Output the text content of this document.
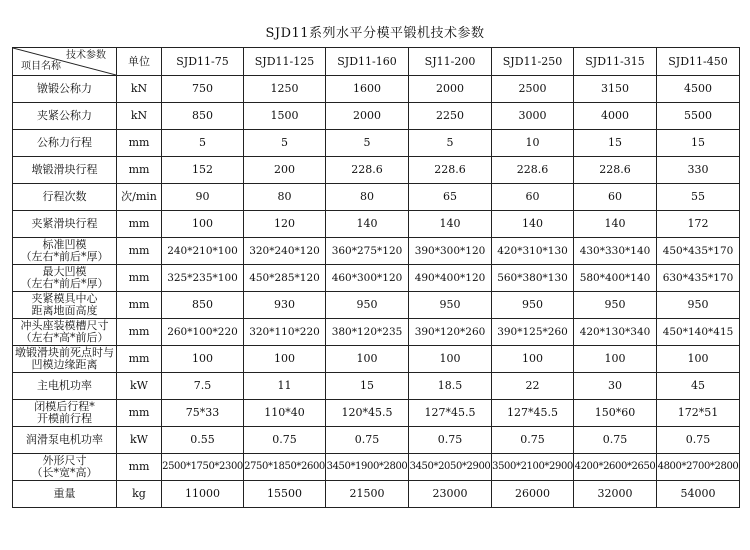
SJD11系列水平分模平锻机技术参数
技术参数
项目名称	单位	SJD11-75	SJD11-125	SJD11-160	SJ11-200	SJD11-250	SJD11-315	SJD11-450

镦锻公称力	kN	750	1250	1600	2000	2500	3150	4500

夹紧公称力	kN	850	1500	2000	2250	3000	4000	5500

公称力行程	mm	5	5	5	5	10	15	15

墩锻滑块行程	mm	152	200	228.6	228.6	228.6	228.6	330

行程次数	次/min	90	80	80	65	60	60	55

夹紧滑块行程	mm	100	120	140	140	140	140	172

标准凹模
（左右*前后*厚）	mm	240*210*100	320*240*120	360*275*120	390*300*120	420*310*130	430*330*140	450*435*170

最大凹模
（左右*前后*厚）	mm	325*235*100	450*285*120	460*300*120	490*400*120	560*380*130	580*400*140	630*435*170

夹紧模具中心
距离地面高度	mm	850	930	950	950	950	950	950

冲头座装模槽尺寸
（左右*高*前后）	mm	260*100*220	320*110*220	380*120*235	390*120*260	390*125*260	420*130*340	450*140*415

墩锻滑块前死点时与
凹模边缘距离	mm	100	100	100	100	100	100	100

主电机功率	kW	7.5	11	15	18.5	22	30	45

闭模后行程*
开模前行程	mm	75*33	110*40	120*45.5	127*45.5	127*45.5	150*60	172*51

润滑泵电机功率	kW	0.55	0.75	0.75	0.75	0.75	0.75	0.75

外形尺寸
（长*宽*高）	mm	2500*1750*2300	2750*1850*2600	3450*1900*2800	3450*2050*2900	3500*2100*2900	4200*2600*2650	4800*2700*2800

重量	kg	11000	15500	21500	23000	26000	32000	54000
